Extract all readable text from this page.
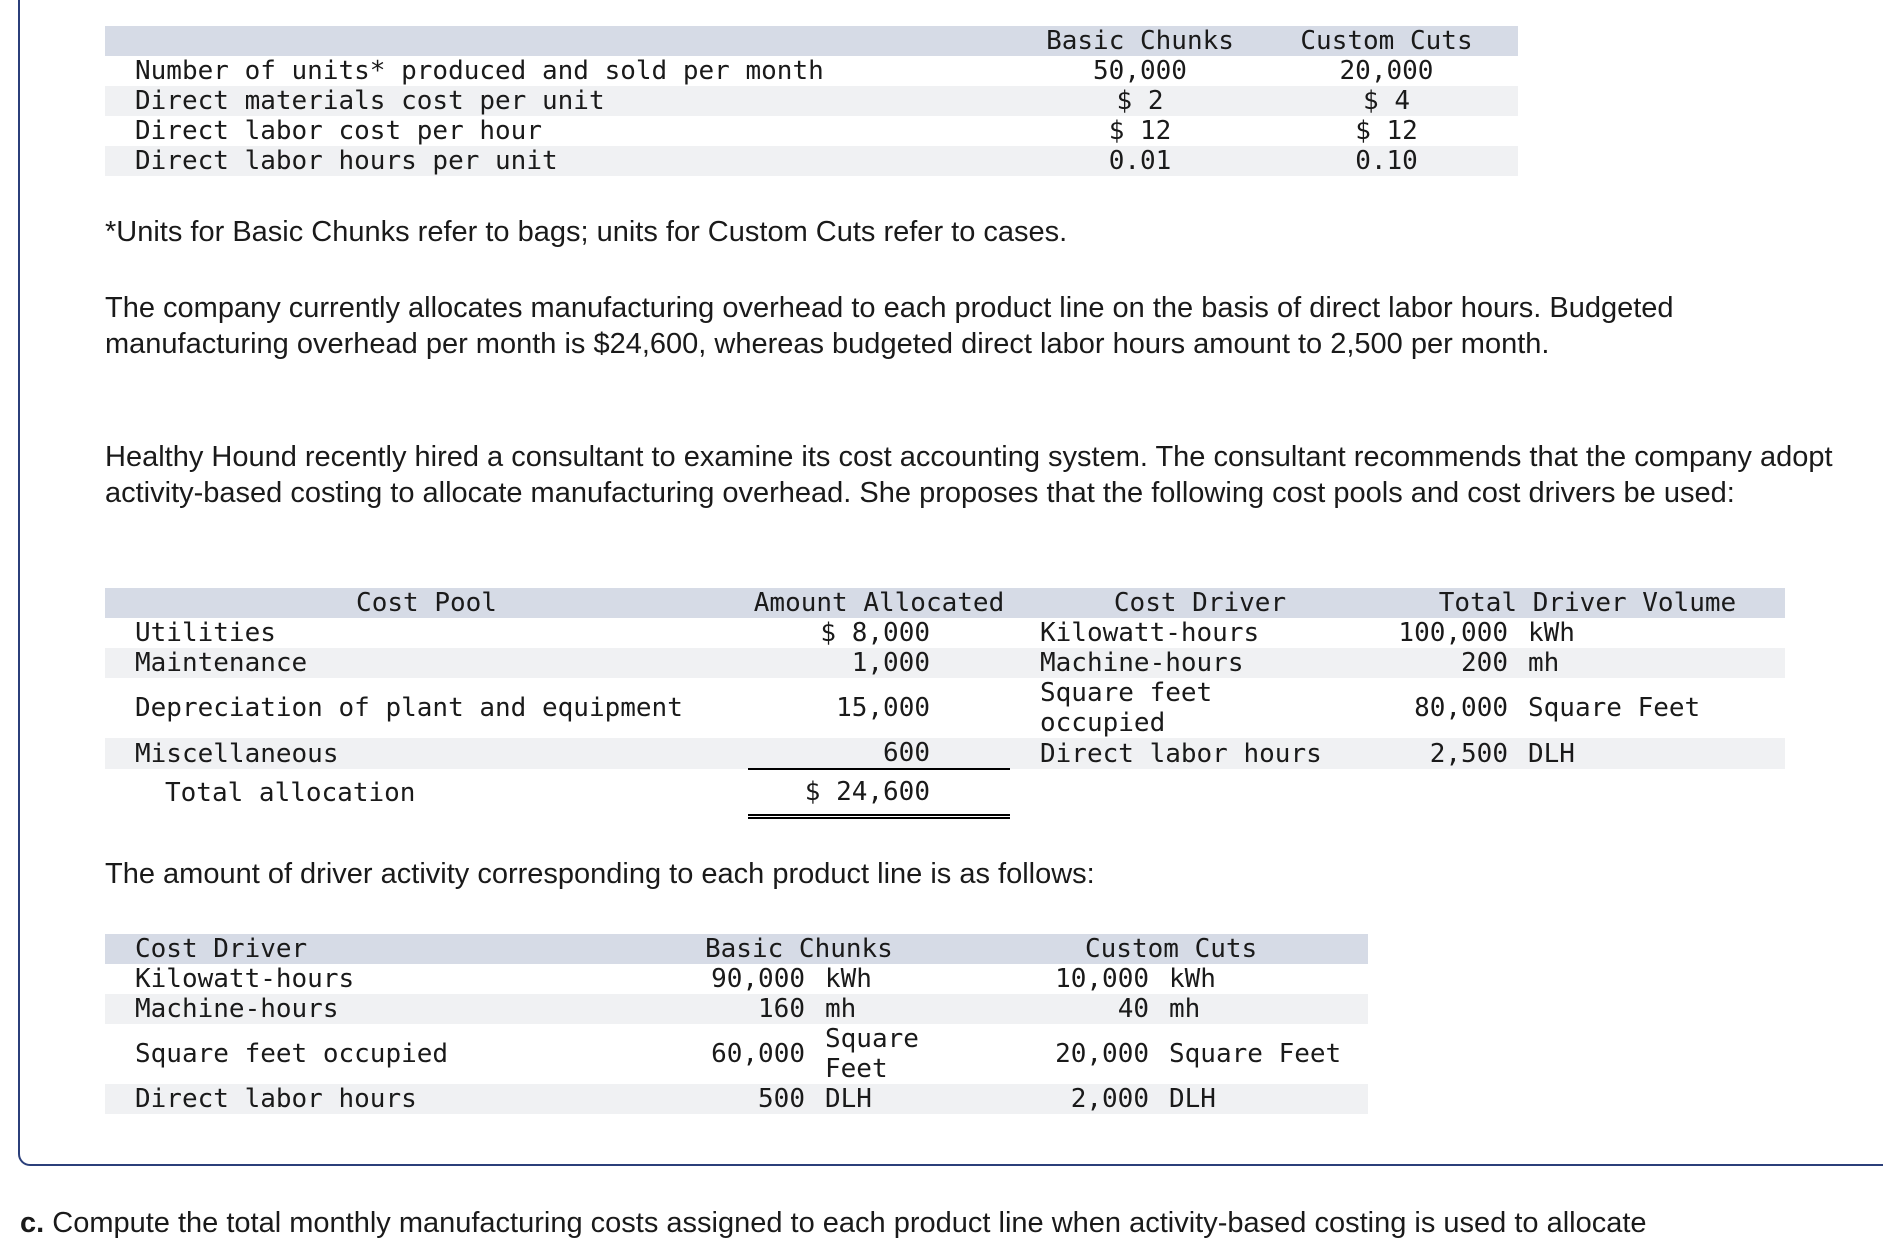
	Basic Chunks	Custom Cuts
Number of units* produced and sold per month	50,000	20,000
Direct materials cost per unit	$ 2	$ 4
Direct labor cost per hour	$ 12	$ 12
Direct labor hours per unit	0.01	0.10

*Units for Basic Chunks refer to bags; units for Custom Cuts refer to cases.

The company currently allocates manufacturing overhead to each product line on the basis of direct labor hours. Budgeted manufacturing overhead per month is $24,600, whereas budgeted direct labor hours amount to 2,500 per month.

Healthy Hound recently hired a consultant to examine its cost accounting system. The consultant recommends that the company adopt activity-based costing to allocate manufacturing overhead. She proposes that the following cost pools and cost drivers be used:

Cost Pool	Amount Allocated	Cost Driver	Total Driver Volume	
Utilities	$ 8,000	Kilowatt-hours	100,000	kWh
Maintenance	1,000	Machine-hours	200	mh
Depreciation of plant and equipment	15,000	Square feet occupied	80,000	Square Feet
Miscellaneous	600	Direct labor hours	2,500	DLH
Total allocation	$ 24,600			

The amount of driver activity corresponding to each product line is as follows:

Cost Driver	Basic Chunks		Custom Cuts	
Kilowatt-hours	90,000	kWh	10,000	kWh
Machine-hours	160	mh	40	mh
Square feet occupied	60,000	Square Feet	20,000	Square Feet
Direct labor hours	500	DLH	2,000	DLH

c. Compute the total monthly manufacturing costs assigned to each product line when activity-based costing is used to allocate
